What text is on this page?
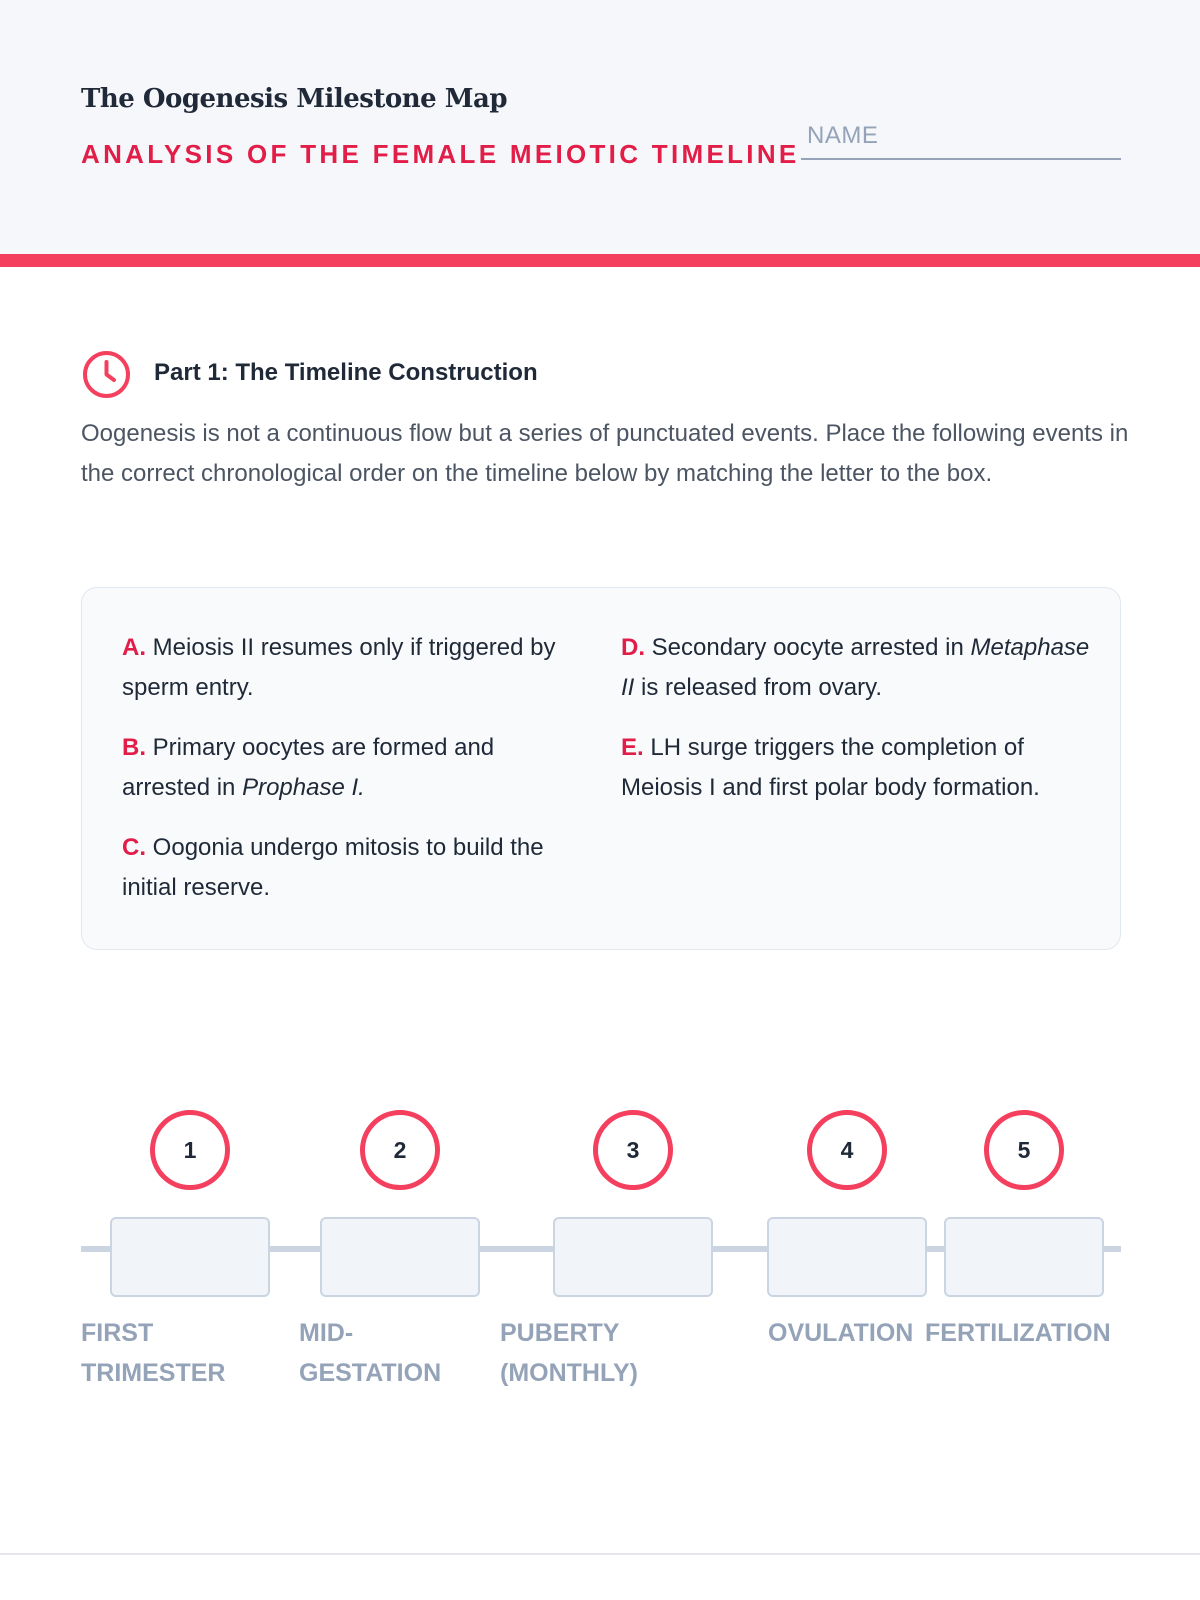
The Oogenesis Milestone Map
ANALYSIS OF THE FEMALE MEIOTIC TIMELINE
NAME
Part 1: The Timeline Construction

Oogenesis is not a continuous flow but a series of punctuated events. Place the following events in the correct chronological order on the timeline below by matching the letter to the box.

A. Meiosis II resumes only if triggered by sperm entry.
B. Primary oocytes are formed and arrested in Prophase I.
C. Oogonia undergo mitosis to build the initial reserve.
D. Secondary oocyte arrested in Metaphase II is released from ovary.
E. LH surge triggers the completion of Meiosis I and first polar body formation.
1	2	3	4	5
FIRST
TRIMESTER
MID-
GESTATION
PUBERTY
(MONTHLY)
OVULATION FERTILIZATION
